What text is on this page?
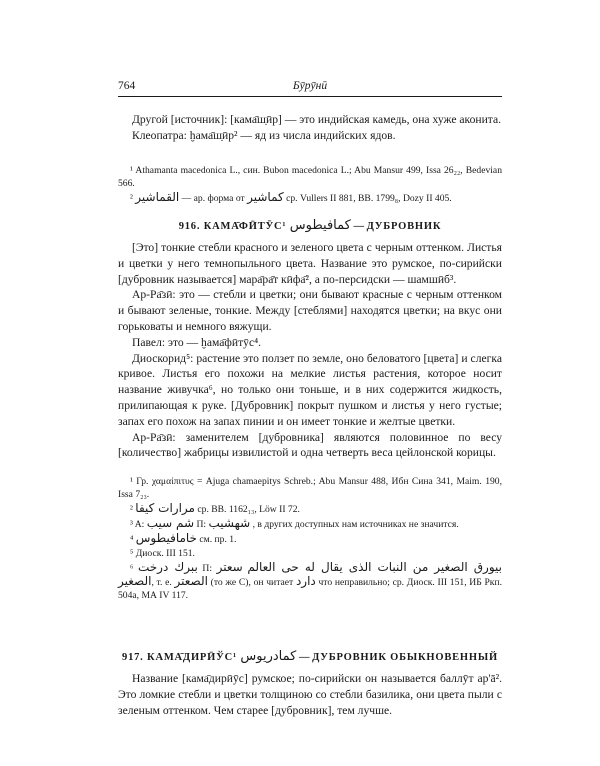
764	Бӯрӯнӣ

Другой [источник]: [кама̄ш̣ӣр] — это индийская камедь, она хуже аконита.

Клеопатра: ḫама̄ш̣ӣр² — яд из числа индийских ядов.

¹ Athamanta macedonica L., син. Bubon macedonica L.; Abu Mansur 499, Issa 26₂₂, Bedevian 566.

² القماشير — ар. форма от كماشير ср. Vullers II 881, BB. 1799₈, Dozy II 405.

916. КАМА̄ФӢТӮС¹ كمافيطوس — ДУБРОВНИК

[Это] тонкие стебли красного и зеленого цвета с черным оттенком. Листья и цветки у него темнопыльного цвета. Название это румское, по-сирийски [дубровник называется] мара̄ра̄т кӣфа̄², а по-персидски — шамшӣб³.

Ар-Ра̄зӣ: это — стебли и цветки; они бывают красные с черным оттенком и бывают зеленые, тонкие. Между [стеблями] находятся цветки; на вкус они горьковаты и немного вяжущи.

Павел: это — ḫама̄фӣтӯс⁴.

Диоскорид⁵: растение это ползет по земле, оно беловатого [цвета] и слегка кривое. Листья его похожи на мелкие листья растения, которое носит название живучка⁶, но только они тоньше, и в них содержится жидкость, прилипающая к руке. [Дубровник] покрыт пушком и листья у него густые; запах его похож на запах пинии и он имеет тонкие и желтые цветки.

Ар-Ра̄зӣ: заменителем [дубровника] являются половинное по весу [количество] жабрицы извилистой и одна четверть веса цейлонской корицы.

¹ Гр. χαμαίπιτυς = Ajuga chamaepitys Schreb.; Abu Mansur 488, Ибн Сина 341, Maim. 190, Issa 7₂₃.

² مرارات كيفا ср. BB. 1162₁₃, Löw II 72.

³ A: شم سيب П: شهشيب , в других доступных нам источниках не значится.

⁴ خامافيطوس см. пр. 1.

⁵ Диоск. III 151.

⁶ ببرك درخت П:	بيورق الصغير من النبات الذى يقال له حى العالم سعتر الصغير, т. е. الصعتر (то же C), он читает دارد что неправильно; ср. Диоск. III 151, ИБ Ркп. 504а, МА IV 117.

917. КАМА̄ДИРӢЎС¹ كمادريوس — ДУБРОВНИК ОБЫКНОВЕННЫЙ

Название [кама̄дирӣӯс] румское; по-сирийски он называется баллӯт ар'ā². Это ломкие стебли и цветки толщиною со стебли базилика, они цвета пыли с зеленым оттенком. Чем старее [дубровник], тем лучше.
